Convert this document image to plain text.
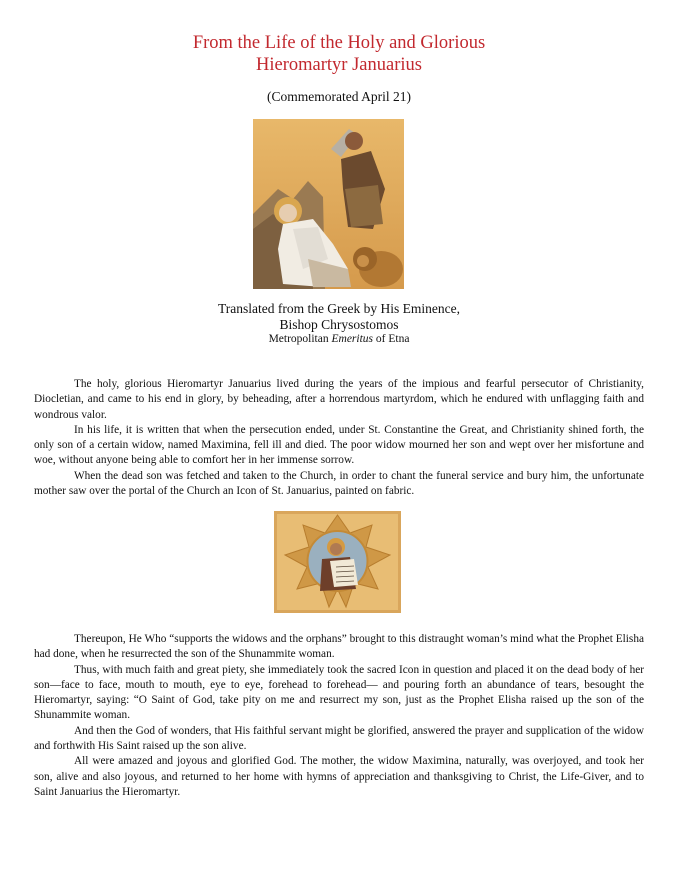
From the Life of the Holy and Glorious
Hieromartyr Januarius
(Commemorated April 21)
Translated from the Greek by His Eminence,
Bishop Chrysostomos
Metropolitan Emeritus of Etna

The holy, glorious Hieromartyr Januarius lived during the years of the impious and fearful persecutor of Christianity, Diocletian, and came to his end in glory, by beheading, after a horrendous martyrdom, which he endured with unflagging faith and wondrous valor.

In his life, it is written that when the persecution ended, under St. Constantine the Great, and Christianity shined forth, the only son of a certain widow, named Maximina, fell ill and died. The poor widow mourned her son and wept over her misfortune and woe, without anyone being able to comfort her in her immense sorrow.

When the dead son was fetched and taken to the Church, in order to chant the funeral service and bury him, the unfortunate mother saw over the portal of the Church an Icon of St. Januarius, painted on fabric.

Thereupon, He Who “supports the widows and the orphans” brought to this distraught woman’s mind what the Prophet Elisha had done, when he resurrected the son of the Shunammite woman.

Thus, with much faith and great piety, she immediately took the sacred Icon in question and placed it on the dead body of her son—face to face, mouth to mouth, eye to eye, forehead to forehead— and pouring forth an abundance of tears, besought the Hieromartyr, saying: “O Saint of God, take pity on me and resurrect my son, just as the Prophet Elisha raised up the son of the Shunammite woman.

And then the God of wonders, that His faithful servant might be glorified, answered the prayer and supplication of the widow and forthwith His Saint raised up the son alive.

All were amazed and joyous and glorified God. The mother, the widow Maximina, naturally, was overjoyed, and took her son, alive and also joyous, and returned to her home with hymns of appreciation and thanksgiving to Christ, the Life-Giver, and to Saint Januarius the Hieromartyr.
